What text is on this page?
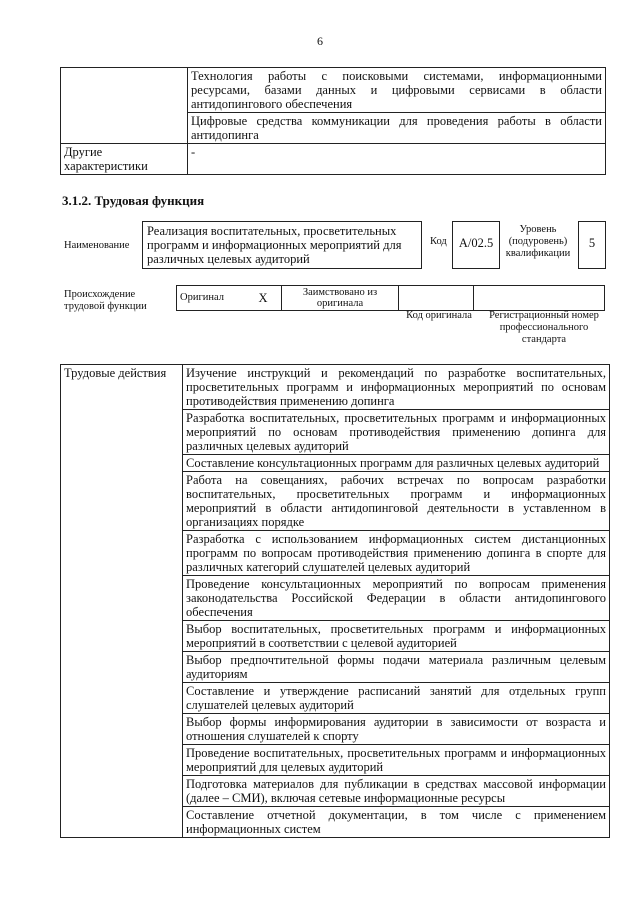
6
	Технология работы с поисковыми системами, информационными ресурсами, базами данных и цифровыми сервисами в области антидопингового обеспечения
	Цифровые средства коммуникации для проведения работы в области антидопинга
Другие характеристики	-
3.1.2. Трудовая функция
Наименование
Реализация воспитательных, просветительных программ и информационных мероприятий для различных целевых аудиторий
Код А/02.5
Уровень (подуровень) квалификации
5
Происхождение трудовой функции
Оригинал	X	Заимствовано из оригинала		
Код оригинала	Регистрационный номер профессионального стандарта
Трудовые действия	Изучение инструкций и рекомендаций по разработке воспитательных, просветительных программ и информационных мероприятий по основам противодействия применению допинга
Разработка воспитательных, просветительных программ и информационных мероприятий по основам противодействия применению допинга для различных целевых аудиторий
Составление консультационных программ для различных целевых аудиторий
Работа на совещаниях, рабочих встречах по вопросам разработки воспитательных, просветительных программ и информационных мероприятий в области антидопинговой деятельности в уставленном в организациях порядке
Разработка с использованием информационных систем дистанционных программ по вопросам противодействия применению допинга в спорте для различных категорий слушателей целевых аудиторий
Проведение консультационных мероприятий по вопросам применения законодательства Российской Федерации в области антидопингового обеспечения
Выбор воспитательных, просветительных программ и информационных мероприятий в соответствии с целевой аудиторией
Выбор предпочтительной формы подачи материала различным целевым аудиториям
Составление и утверждение расписаний занятий для отдельных групп слушателей целевых аудиторий
Выбор формы информирования аудитории в зависимости от возраста и отношения слушателей к спорту
Проведение воспитательных, просветительных программ и информационных мероприятий для целевых аудиторий
Подготовка материалов для публикации в средствах массовой информации (далее – СМИ), включая сетевые информационные ресурсы
Составление отчетной документации, в том числе с применением информационных систем
